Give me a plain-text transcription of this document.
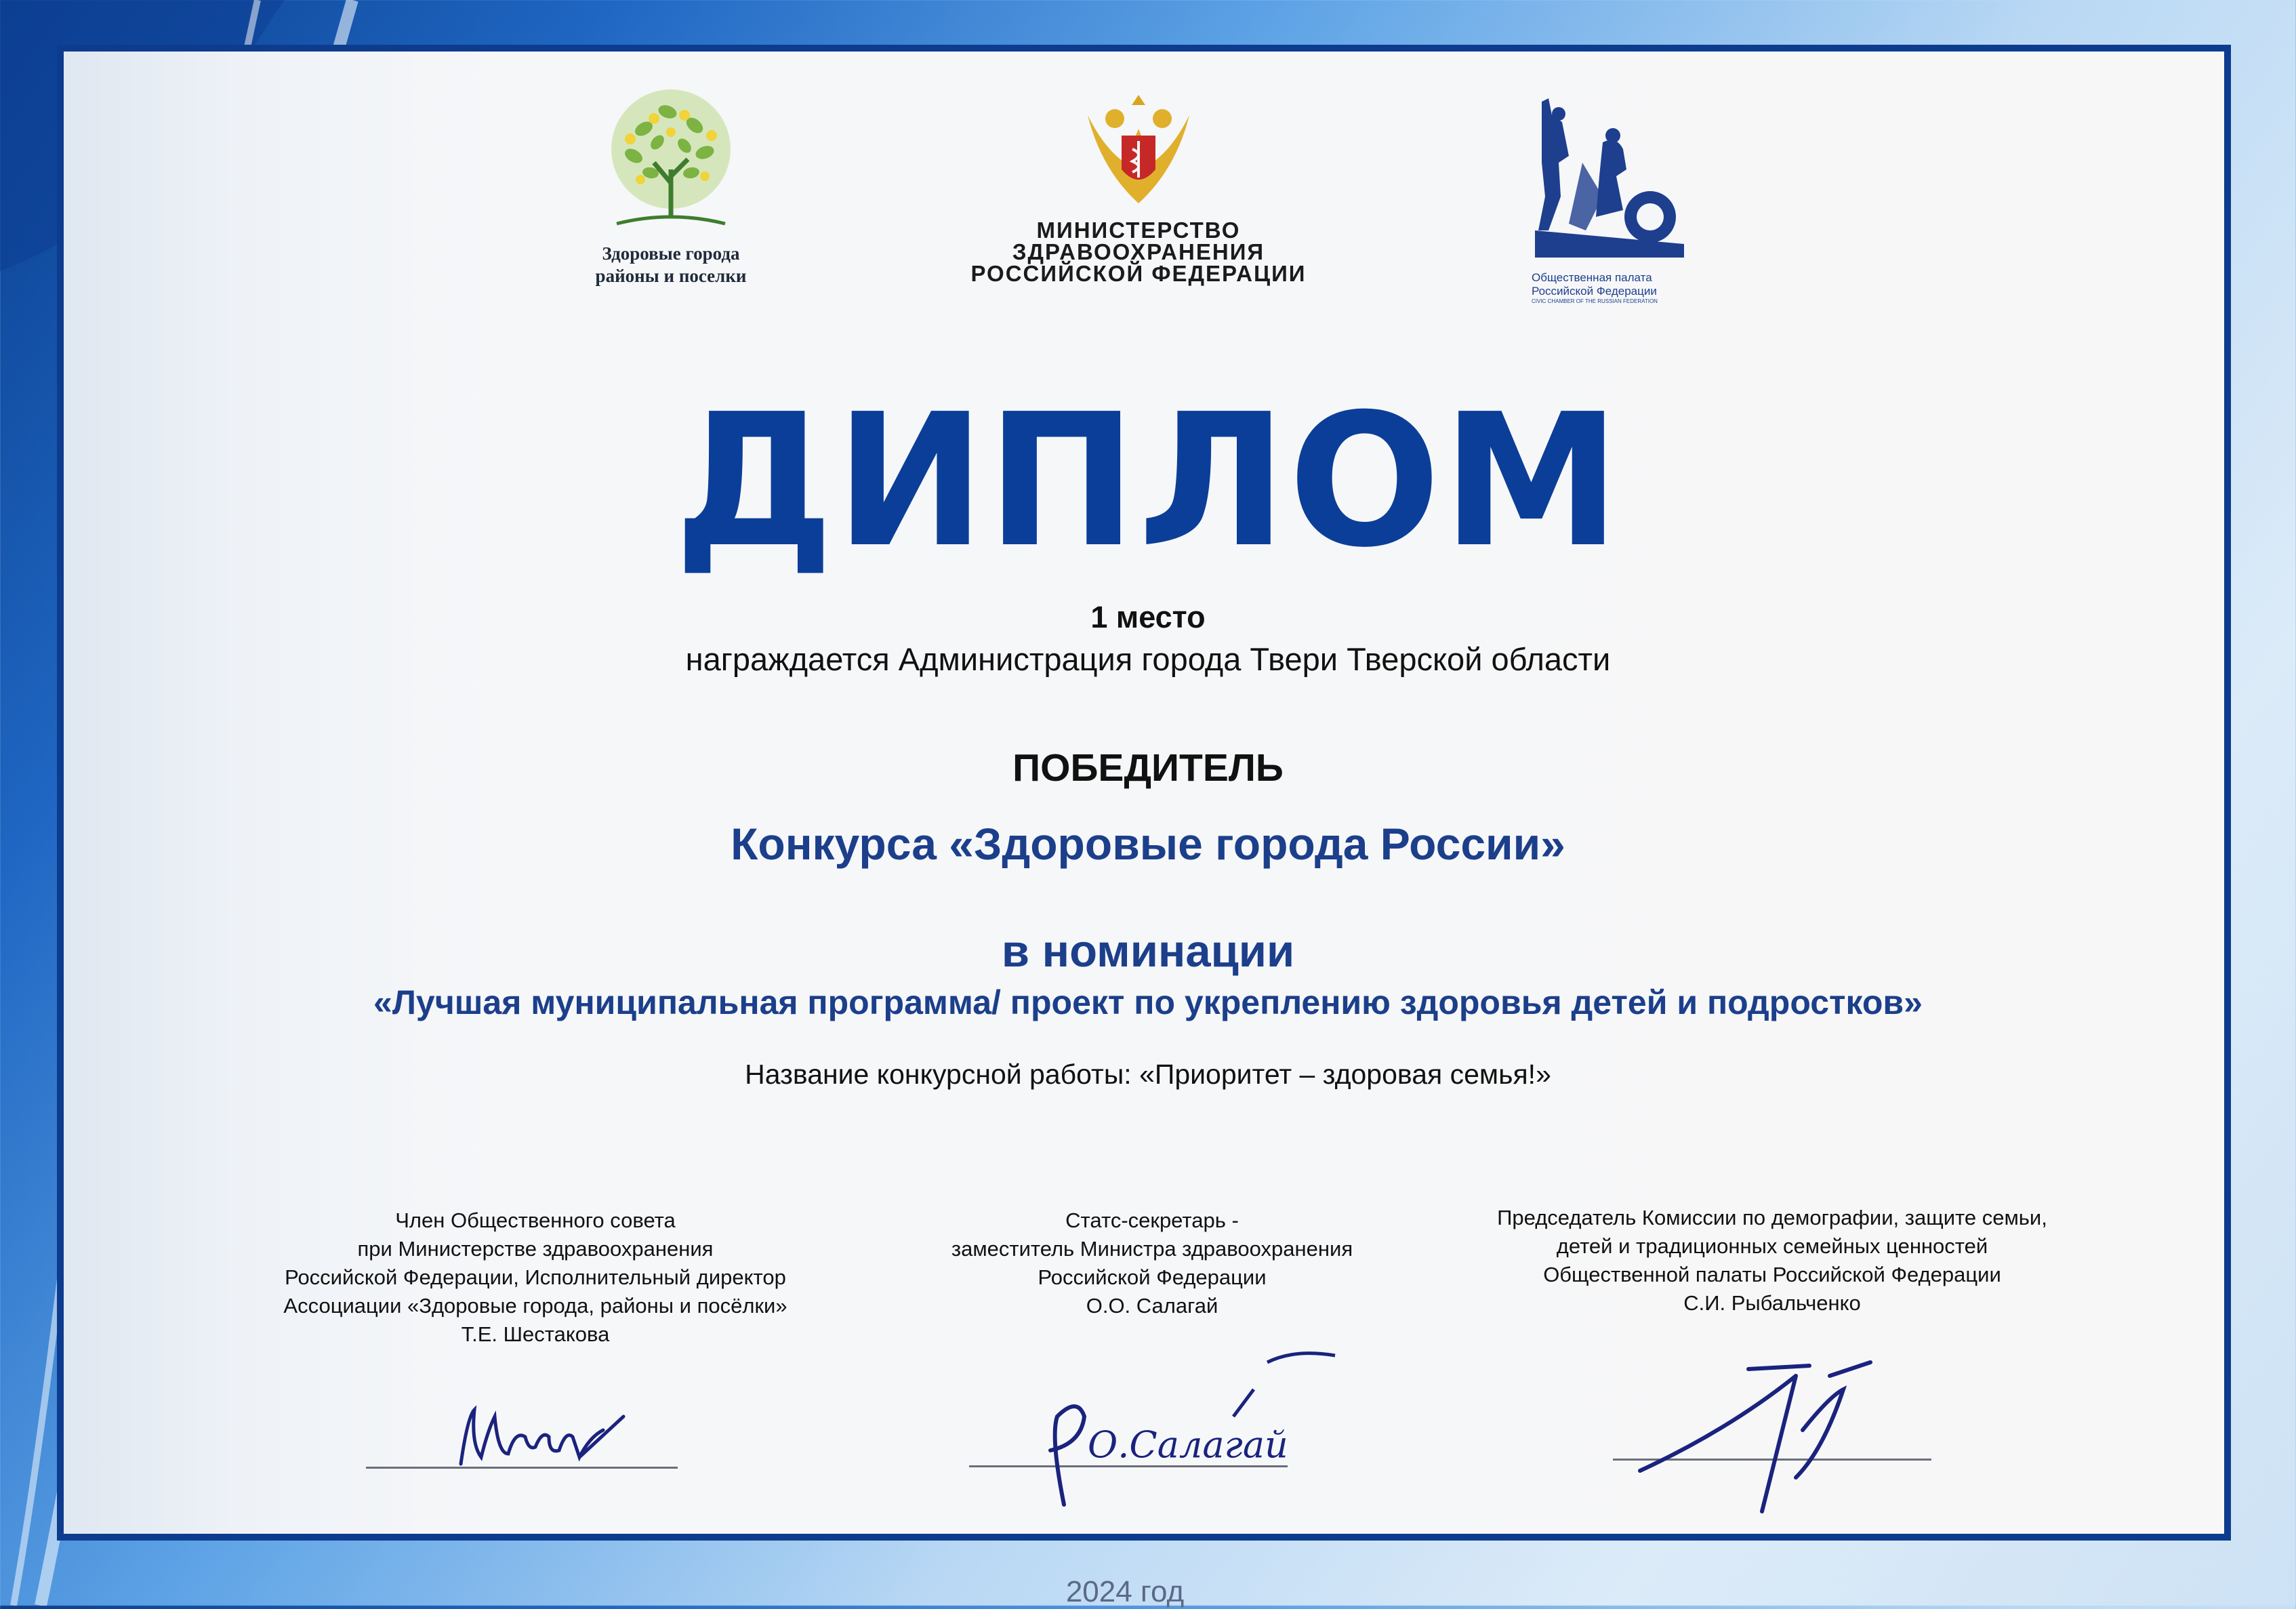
Здоровые города
районы и поселки
МИНИСТЕРСТВО
ЗДРАВООХРАНЕНИЯ
РОССИЙСКОЙ ФЕДЕРАЦИИ	Общественная палата
Российской Федерации
CIVIC CHAMBER OF THE RUSSIAN FEDERATION
ДИПЛОМ
1 место
награждается Администрация города Твери Тверской области
ПОБЕДИТЕЛЬ
Конкурса «Здоровые города России»
в номинации
«Лучшая муниципальная программа/ проект по укреплению здоровья детей и подростков»
Название конкурсной работы: «Приоритет – здоровая семья!»
Член Общественного совета
при Министерстве здравоохранения
Российской Федерации, Исполнительный директор
Ассоциации «Здоровые города, районы и посёлки»
Т.Е. Шестакова
Статс-секретарь -
заместитель Министра здравоохранения
Российской Федерации
О.О. Салагай
Председатель Комиссии по демографии, защите семьи,
детей и традиционных семейных ценностей
Общественной палаты Российской Федерации
С.И. Рыбальченко
О.Салагай
2024 год
